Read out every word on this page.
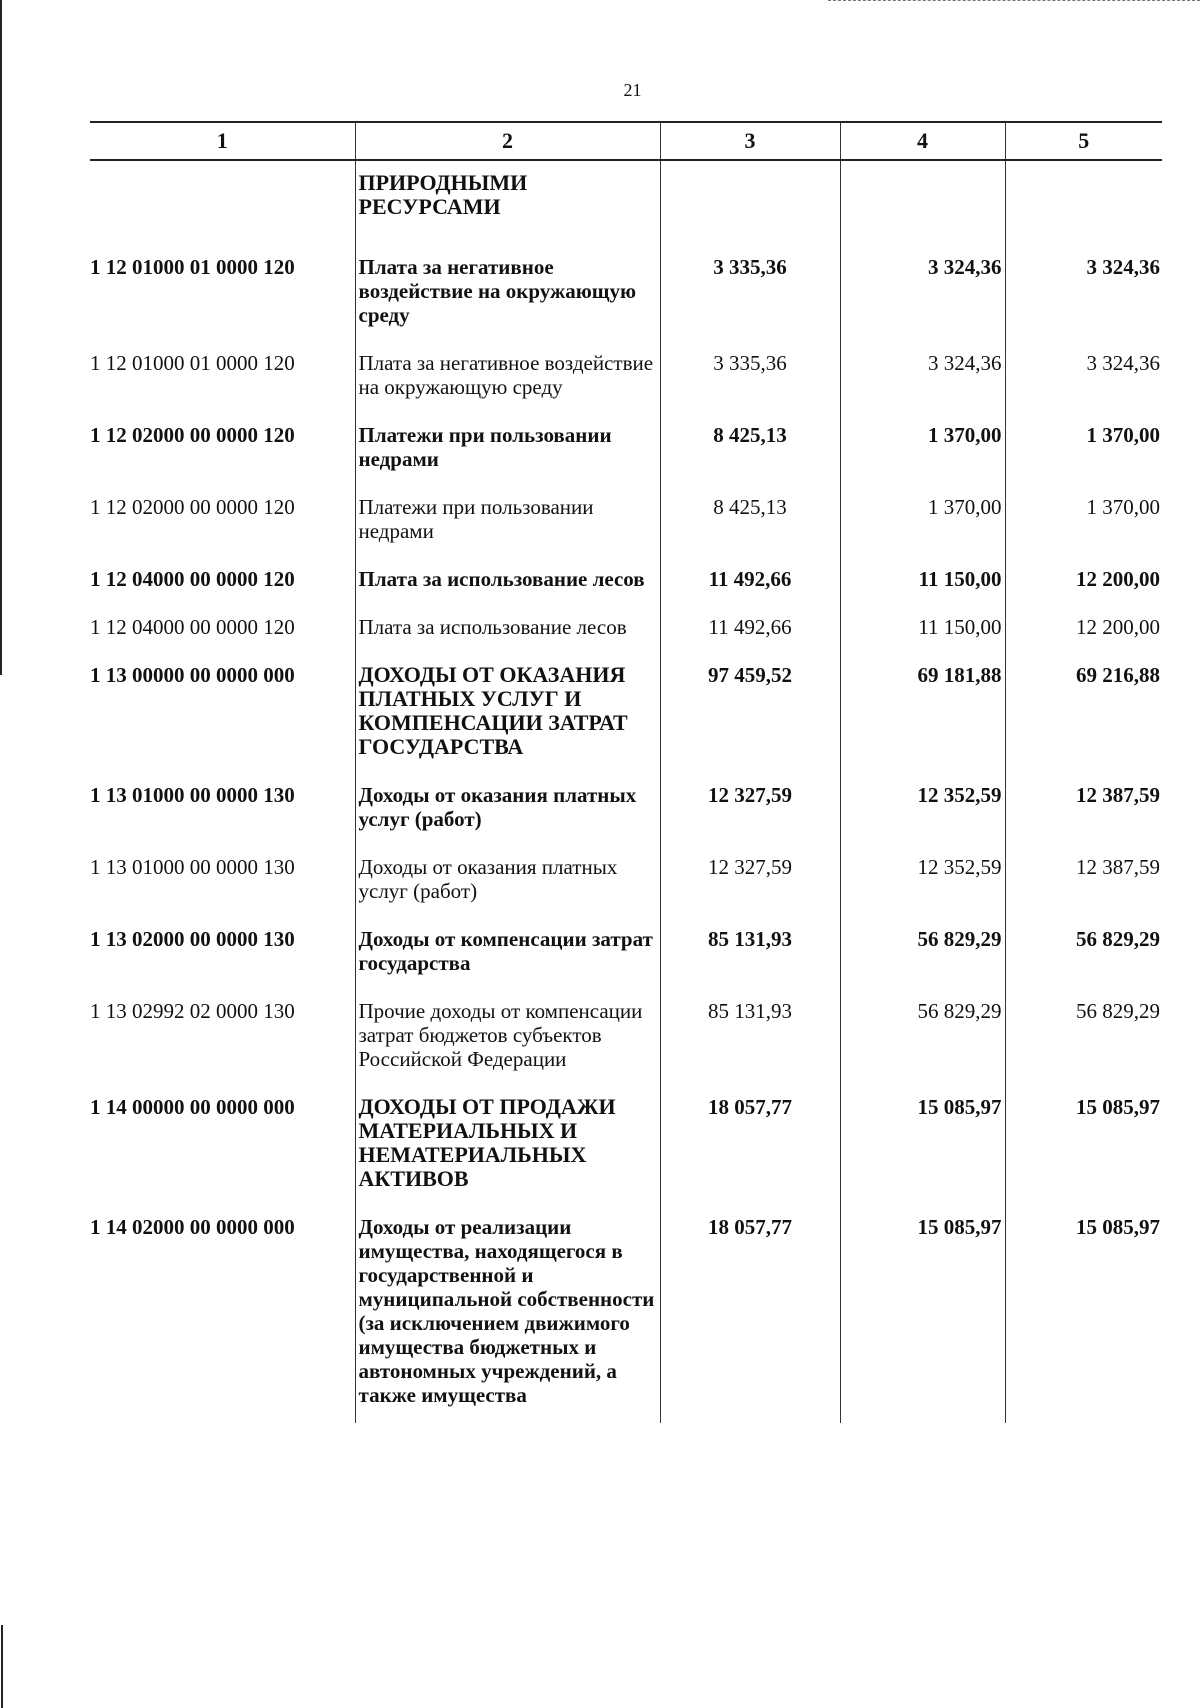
21
1	2	3	4	5
	ПРИРОДНЫМИ РЕСУРСАМИ			
1 12 01000 01 0000 120	Плата за негативное воздействие на окружающую среду	3 335,36	3 324,36	3 324,36
1 12 01000 01 0000 120	Плата за негативное воздействие на окружающую среду	3 335,36	3 324,36	3 324,36
1 12 02000 00 0000 120	Платежи при пользовании недрами	8 425,13	1 370,00	1 370,00
1 12 02000 00 0000 120	Платежи при пользовании недрами	8 425,13	1 370,00	1 370,00
1 12 04000 00 0000 120	Плата за использование лесов	11 492,66	11 150,00	12 200,00
1 12 04000 00 0000 120	Плата за использование лесов	11 492,66	11 150,00	12 200,00
1 13 00000 00 0000 000	ДОХОДЫ ОТ ОКАЗАНИЯ ПЛАТНЫХ УСЛУГ И КОМПЕНСАЦИИ ЗАТРАТ ГОСУДАРСТВА	97 459,52	69 181,88	69 216,88
1 13 01000 00 0000 130	Доходы от оказания платных услуг (работ)	12 327,59	12 352,59	12 387,59
1 13 01000 00 0000 130	Доходы от оказания платных услуг (работ)	12 327,59	12 352,59	12 387,59
1 13 02000 00 0000 130	Доходы от компенсации затрат государства	85 131,93	56 829,29	56 829,29
1 13 02992 02 0000 130	Прочие доходы от компенсации затрат бюджетов субъектов Российской Федерации	85 131,93	56 829,29	56 829,29
1 14 00000 00 0000 000	ДОХОДЫ ОТ ПРОДАЖИ МАТЕРИАЛЬНЫХ И НЕМАТЕРИАЛЬНЫХ АКТИВОВ	18 057,77	15 085,97	15 085,97
1 14 02000 00 0000 000	Доходы от реализации имущества, находящегося в государственной и муниципальной собственности (за исключением движимого имущества бюджетных и автономных учреждений, а также имущества	18 057,77	15 085,97	15 085,97
